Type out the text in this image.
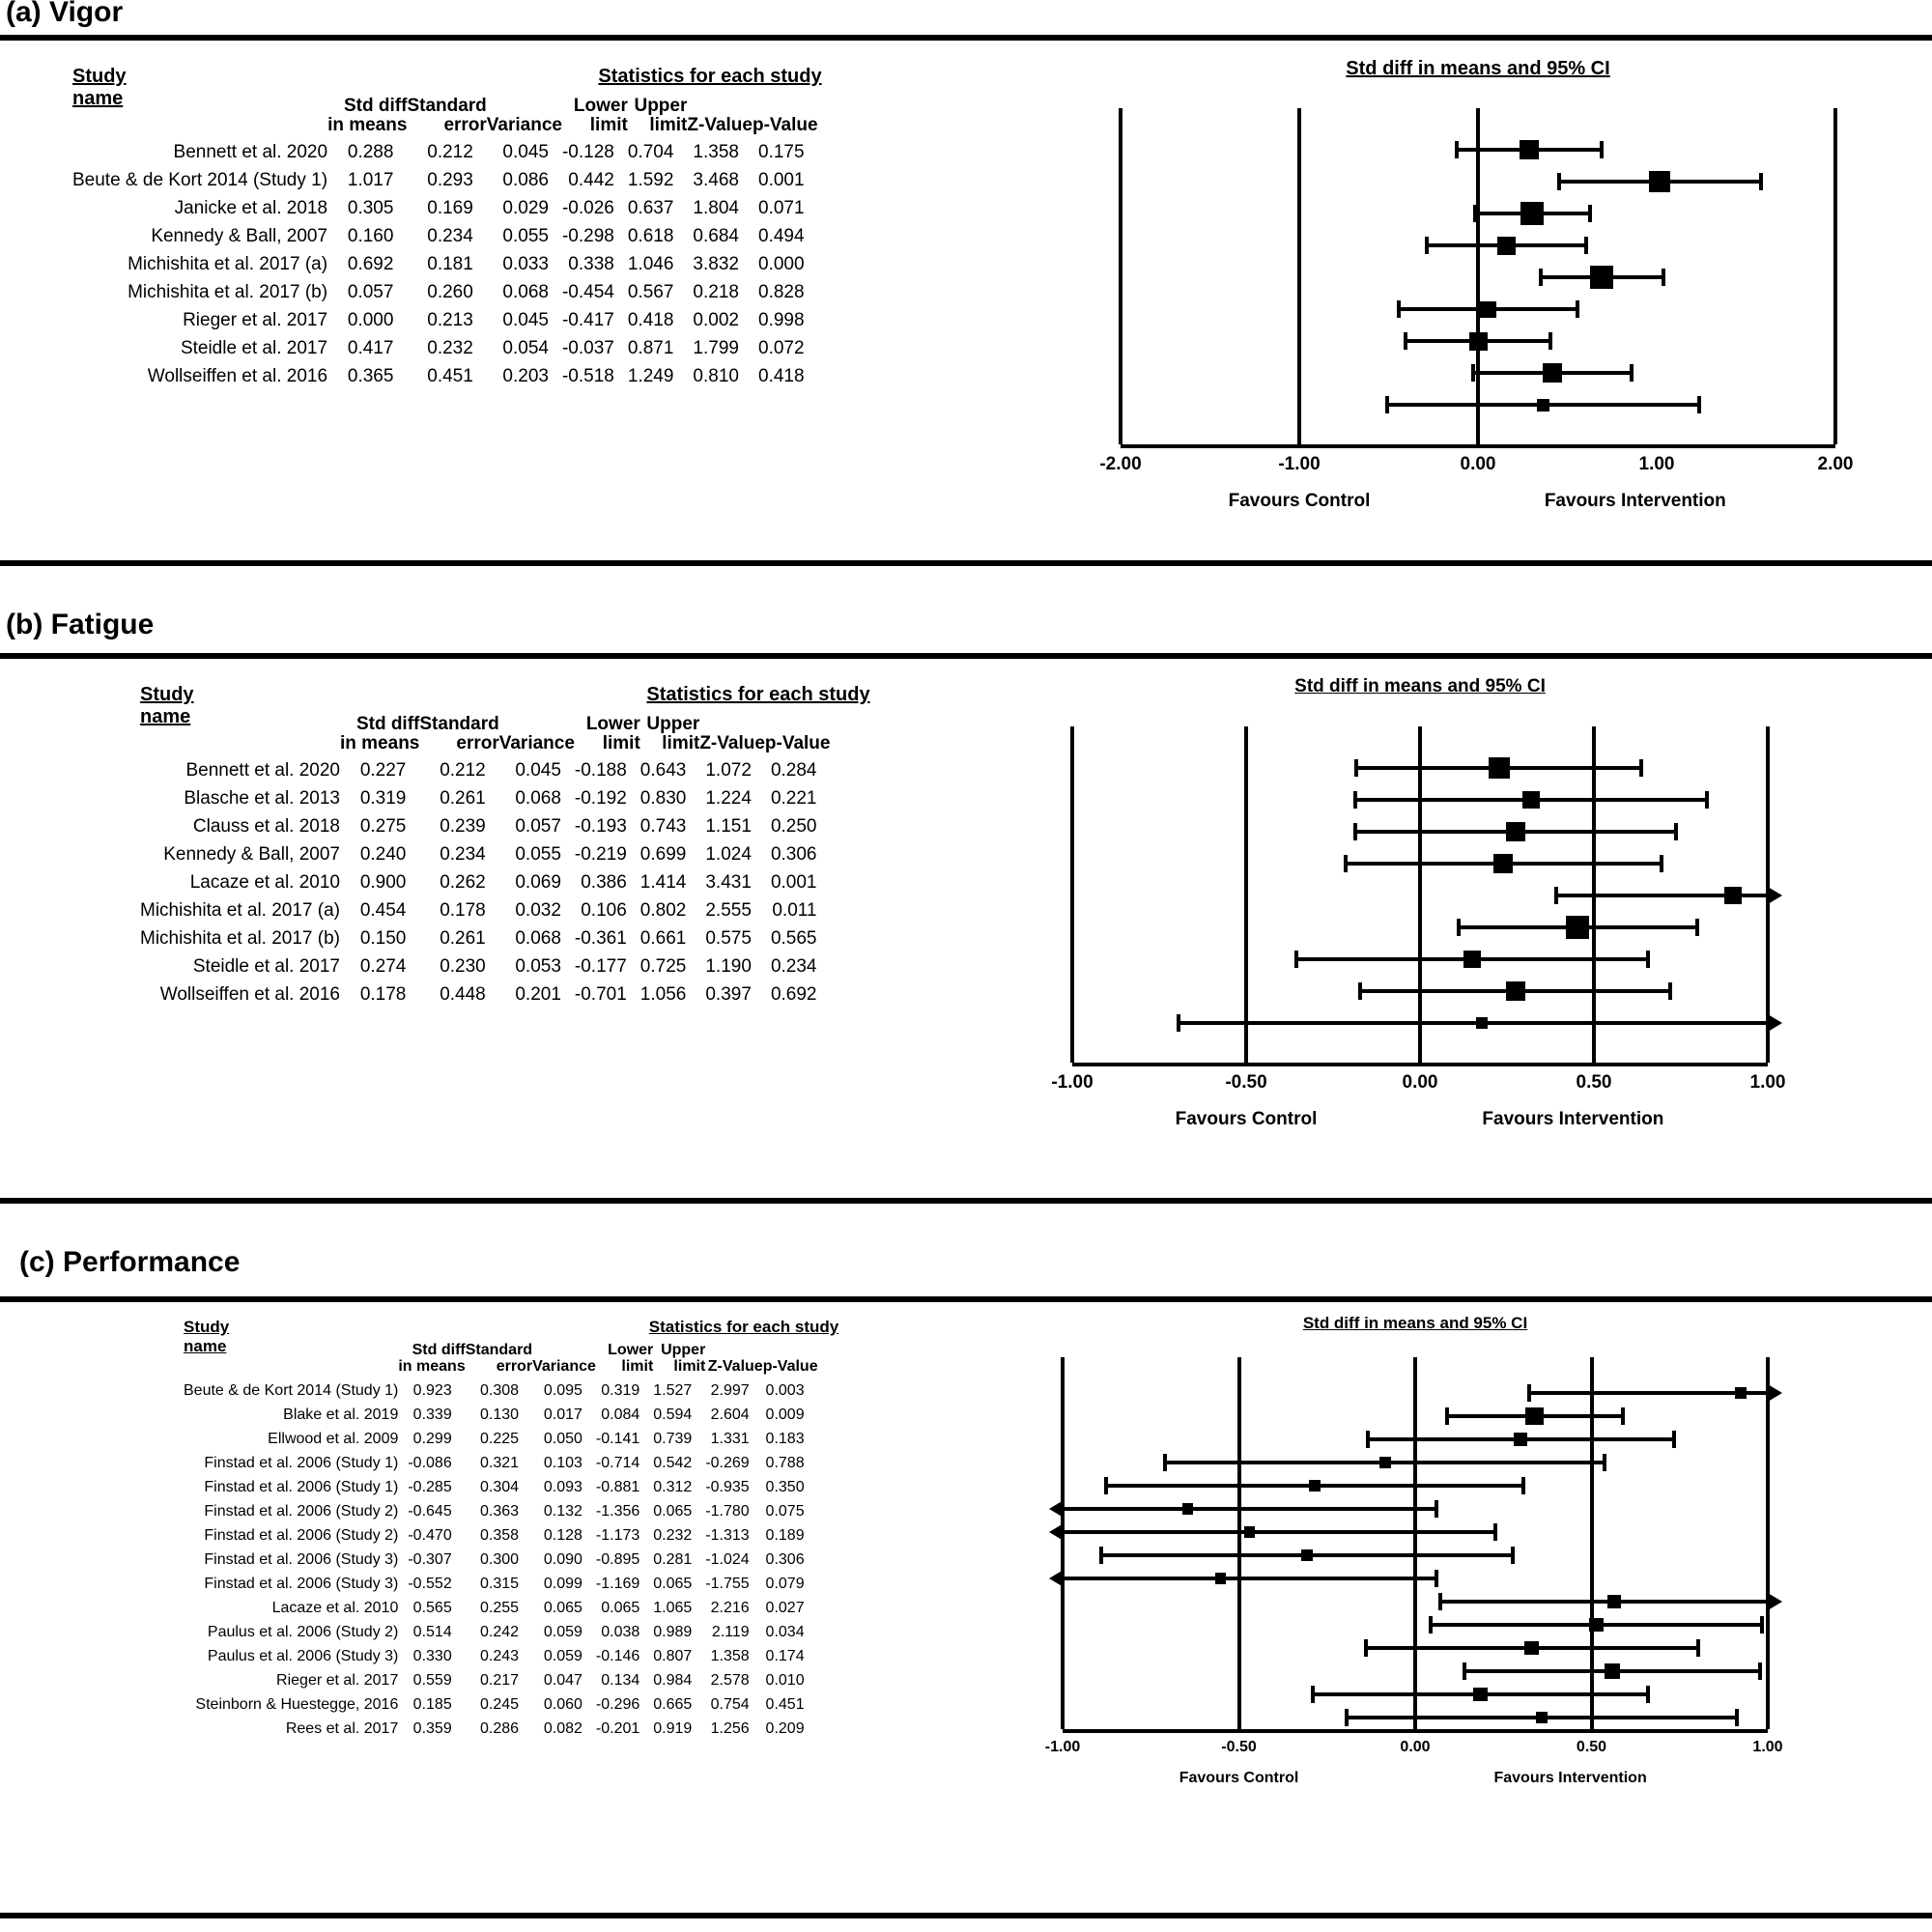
(a) Vigor
Study name
Statistics for each study
	Std diff
in means	Standard
error	Variance	Lower
limit	Upper
limit	Z-Value	p-Value
Bennett et al. 2020	0.288	0.212	0.045	-0.128	0.704	1.358	0.175
Beute & de Kort 2014 (Study 1)	1.017	0.293	0.086	0.442	1.592	3.468	0.001
Janicke et al. 2018	0.305	0.169	0.029	-0.026	0.637	1.804	0.071
Kennedy & Ball, 2007	0.160	0.234	0.055	-0.298	0.618	0.684	0.494
Michishita et al. 2017 (a)	0.692	0.181	0.033	0.338	1.046	3.832	0.000
Michishita et al. 2017 (b)	0.057	0.260	0.068	-0.454	0.567	0.218	0.828
Rieger et al. 2017	0.000	0.213	0.045	-0.417	0.418	0.002	0.998
Steidle et al. 2017	0.417	0.232	0.054	-0.037	0.871	1.799	0.072
Wollseiffen et al. 2016	0.365	0.451	0.203	-0.518	1.249	0.810	0.418
Std diff in means and 95% CI
-2.00	-1.00	0.00	1.00	2.00
Favours Control	Favours Intervention
(b) Fatigue
Study name
Statistics for each study
	Std diff
in means	Standard
error	Variance	Lower
limit	Upper
limit	Z-Value	p-Value
Bennett et al. 2020	0.227	0.212	0.045	-0.188	0.643	1.072	0.284
Blasche et al. 2013	0.319	0.261	0.068	-0.192	0.830	1.224	0.221
Clauss et al. 2018	0.275	0.239	0.057	-0.193	0.743	1.151	0.250
Kennedy & Ball, 2007	0.240	0.234	0.055	-0.219	0.699	1.024	0.306
Lacaze et al. 2010	0.900	0.262	0.069	0.386	1.414	3.431	0.001
Michishita et al. 2017 (a)	0.454	0.178	0.032	0.106	0.802	2.555	0.011
Michishita et al. 2017 (b)	0.150	0.261	0.068	-0.361	0.661	0.575	0.565
Steidle et al. 2017	0.274	0.230	0.053	-0.177	0.725	1.190	0.234
Wollseiffen et al. 2016	0.178	0.448	0.201	-0.701	1.056	0.397	0.692
Std diff in means and 95% CI
-1.00	-0.50	0.00	0.50	1.00
Favours Control	Favours Intervention
(c) Performance
Study name
Statistics for each study
	Std diff
in means	Standard
error	Variance	Lower
limit	Upper
limit	Z-Value	p-Value
Beute & de Kort 2014 (Study 1)	0.923	0.308	0.095	0.319	1.527	2.997	0.003
Blake et al. 2019	0.339	0.130	0.017	0.084	0.594	2.604	0.009
Ellwood et al. 2009	0.299	0.225	0.050	-0.141	0.739	1.331	0.183
Finstad et al. 2006 (Study 1)	-0.086	0.321	0.103	-0.714	0.542	-0.269	0.788
Finstad et al. 2006 (Study 1)	-0.285	0.304	0.093	-0.881	0.312	-0.935	0.350
Finstad et al. 2006 (Study 2)	-0.645	0.363	0.132	-1.356	0.065	-1.780	0.075
Finstad et al. 2006 (Study 2)	-0.470	0.358	0.128	-1.173	0.232	-1.313	0.189
Finstad et al. 2006 (Study 3)	-0.307	0.300	0.090	-0.895	0.281	-1.024	0.306
Finstad et al. 2006 (Study 3)	-0.552	0.315	0.099	-1.169	0.065	-1.755	0.079
Lacaze et al. 2010	0.565	0.255	0.065	0.065	1.065	2.216	0.027
Paulus et al. 2006 (Study 2)	0.514	0.242	0.059	0.038	0.989	2.119	0.034
Paulus et al. 2006 (Study 3)	0.330	0.243	0.059	-0.146	0.807	1.358	0.174
Rieger et al. 2017	0.559	0.217	0.047	0.134	0.984	2.578	0.010
Steinborn & Huestegge, 2016	0.185	0.245	0.060	-0.296	0.665	0.754	0.451
Rees et al. 2017	0.359	0.286	0.082	-0.201	0.919	1.256	0.209
Std diff in means and 95% CI
-1.00	-0.50	0.00	0.50	1.00
Favours Control	Favours Intervention
